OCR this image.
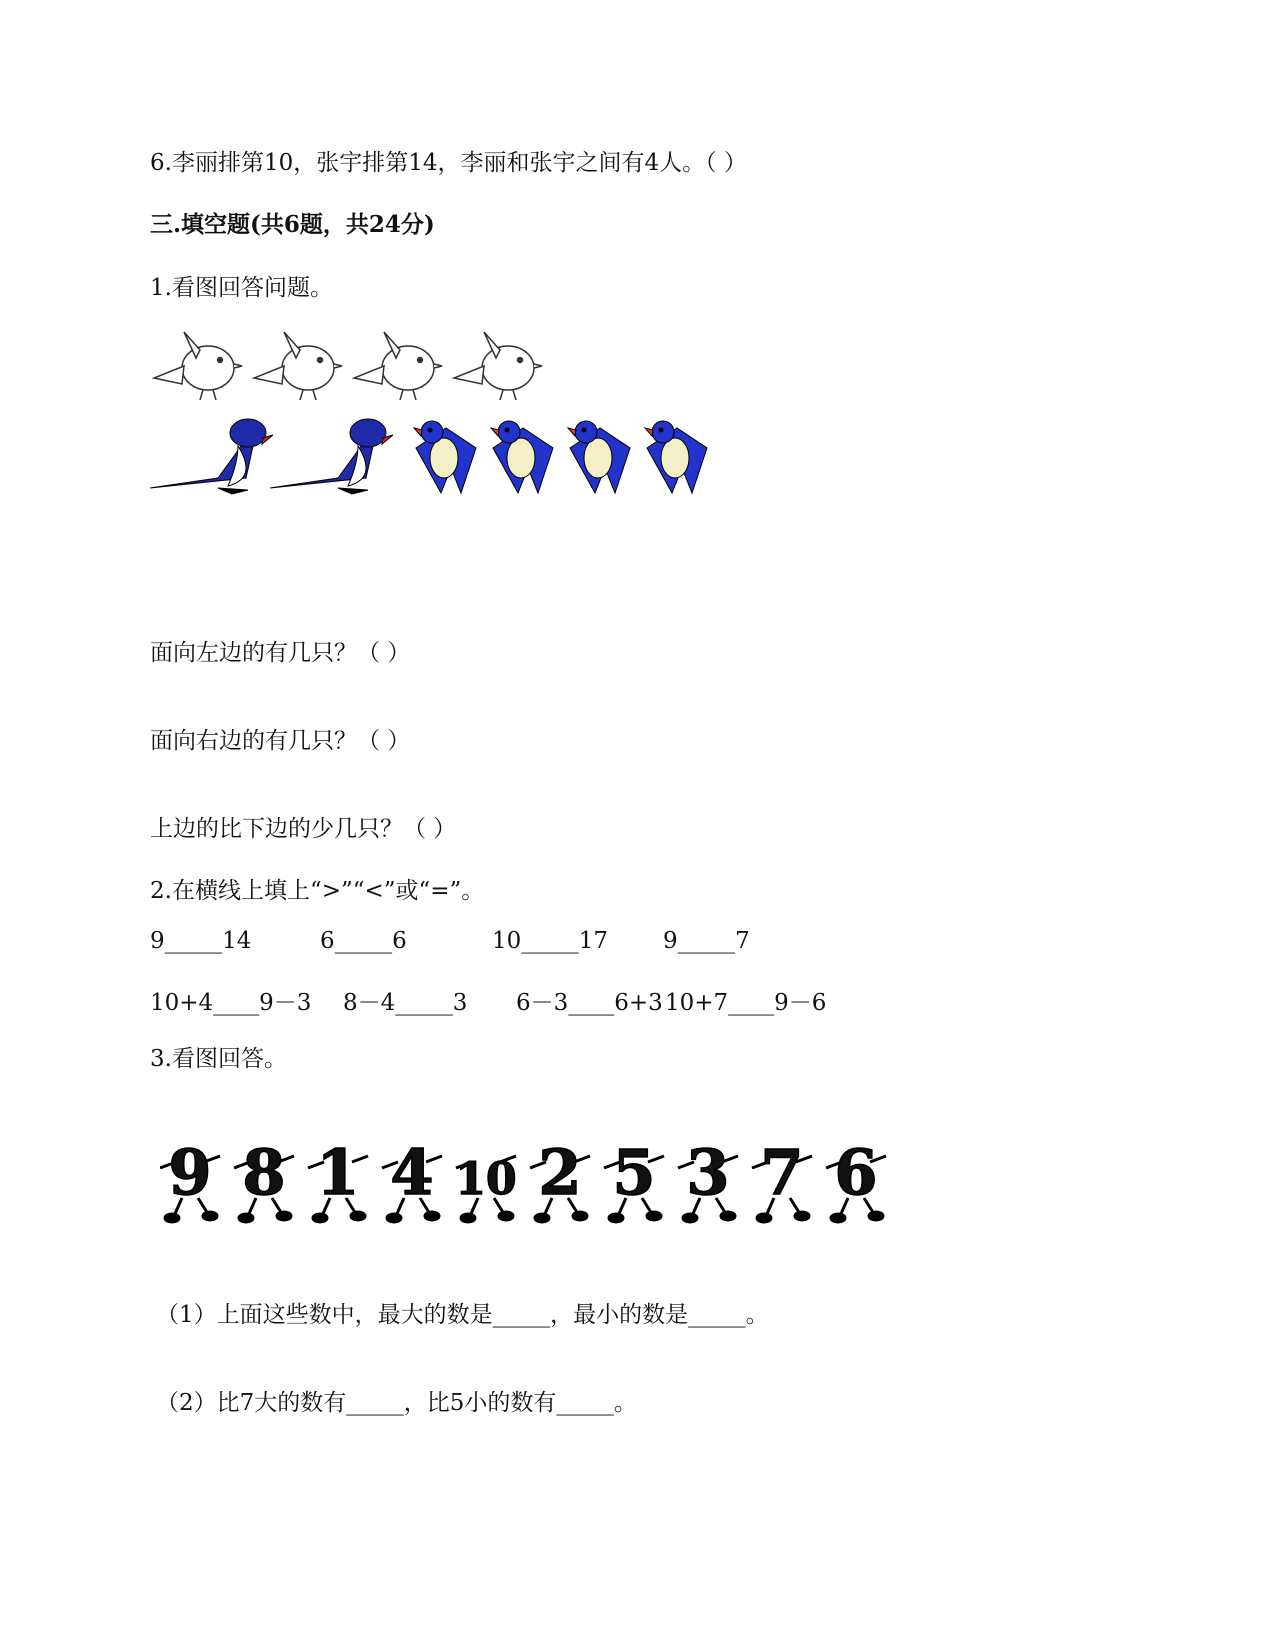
6.李丽排第10，张宇排第14，李丽和张宇之间有4人。（ ）
三.填空题(共6题，共24分)
1.看图回答问题。
面向左边的有几只？（ ）
面向右边的有几只？（ ）
上边的比下边的少几只？（ ）
2.在横线上填上“>”“<”或“=”。
9_____14	6_____6	10_____17 9_____7
10+4____9－3 8－4_____3 6－3____6+3 10+7____9－6
3.看图回答。
9 8 1 4 10 2 5 3 7 6
（1）上面这些数中，最大的数是_____，最小的数是_____。
（2）比7大的数有_____，比5小的数有_____。
